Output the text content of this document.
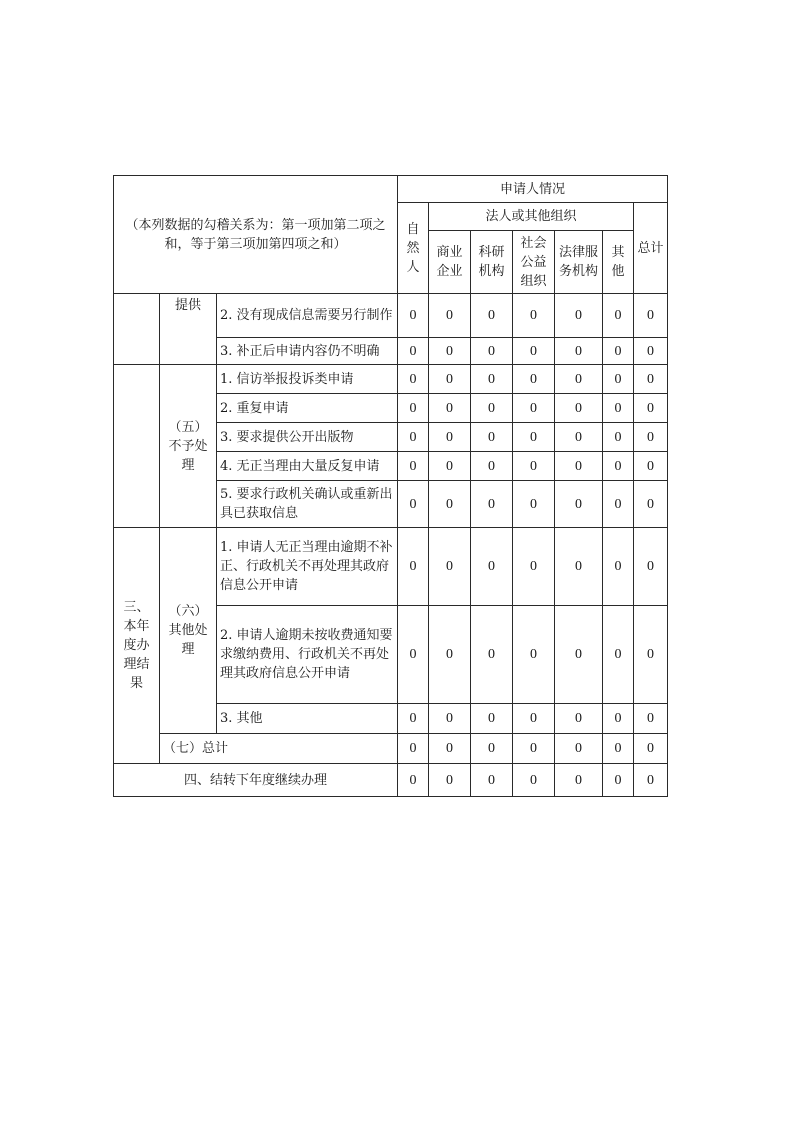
（本列数据的勾稽关系为：第一项加第二项之和，等于第三项加第四项之和）			申请人情况						
			自然人	法人或其他组织					总计
				商业企业	科研机构	社会公益组织	法律服务机构	其他	
	提供	2. 没有现成信息需要另行制作	0	0	0	0	0	0	0
		3. 补正后申请内容仍不明确	0	0	0	0	0	0	0
	（五）不予处理	1. 信访举报投诉类申请	0	0	0	0	0	0	0
		2. 重复申请	0	0	0	0	0	0	0
		3. 要求提供公开出版物	0	0	0	0	0	0	0
		4. 无正当理由大量反复申请	0	0	0	0	0	0	0
		5. 要求行政机关确认或重新出具已获取信息	0	0	0	0	0	0	0
三、本年度办理结果	（六）其他处理	1. 申请人无正当理由逾期不补正、行政机关不再处理其政府信息公开申请	0	0	0	0	0	0	0
		2. 申请人逾期未按收费通知要求缴纳费用、行政机关不再处理其政府信息公开申请	0	0	0	0	0	0	0
		3. 其他	0	0	0	0	0	0	0
	（七）总计		0	0	0	0	0	0	0
四、结转下年度继续办理			0	0	0	0	0	0	0
